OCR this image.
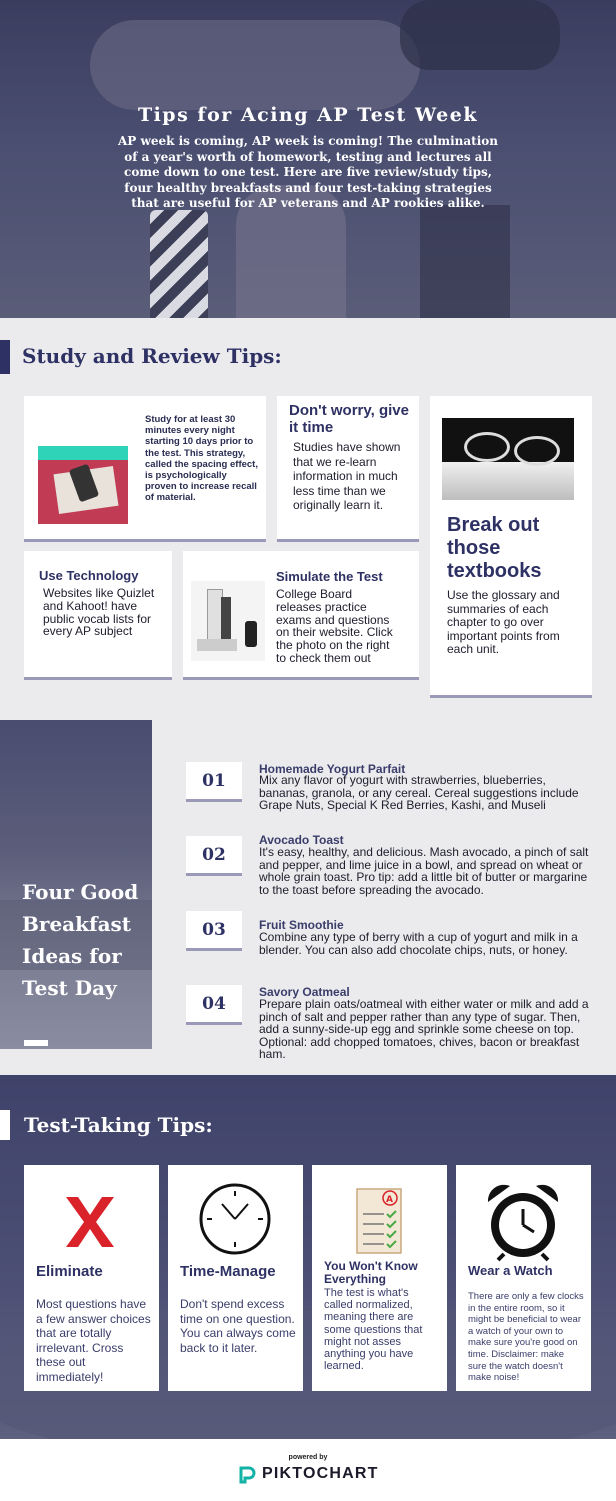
Tips for Acing AP Test Week

AP week is coming, AP week is coming! The culmination of a year's worth of homework, testing and lectures all come down to one test. Here are five review/study tips, four healthy breakfasts and four test-taking strategies that are useful for AP veterans and AP rookies alike.

Study and Review Tips:
Study for at least 30 minutes every night starting 10 days prior to the test. This strategy, called the spacing effect, is psychologically proven to increase recall of material.
Don't worry, give it time
Studies have shown that we re-learn information in much less time than we originally learn it.
Break out those textbooks
Use the glossary and summaries of each chapter to go over important points from each unit.
Use Technology
Websites like Quizlet and Kahoot! have public vocab lists for every AP subject
Simulate the Test
College Board releases practice exams and questions on their website. Click the photo on the right to check them out
Four Good Breakfast Ideas for Test Day
01
Homemade Yogurt Parfait
Mix any flavor of yogurt with strawberries, blueberries, bananas, granola, or any cereal. Cereal suggestions include Grape Nuts, Special K Red Berries, Kashi, and Museli
02
Avocado Toast
It's easy, healthy, and delicious. Mash avocado, a pinch of salt and pepper, and lime juice in a bowl, and spread on wheat or whole grain toast. Pro tip: add a little bit of butter or margarine to the toast before spreading the avocado.
03	Fruit Smoothie
Combine any type of berry with a cup of yogurt and milk in a blender. You can also add chocolate chips, nuts, or honey.
04
Savory Oatmeal
Prepare plain oats/oatmeal with either water or milk and add a pinch of salt and pepper rather than any type of sugar. Then, add a sunny-side-up egg and sprinkle some cheese on top. Optional: add chopped tomatoes, chives, bacon or breakfast ham.
Test-Taking Tips:
Eliminate
Most questions have a few answer choices that are totally irrelevant. Cross these out immediately!
Time-Manage
Don't spend excess time on one question. You can always come back to it later.
A
You Won't Know Everything
The test is what's called normalized, meaning there are some questions that might not asses anything you have learned.
Wear a Watch
There are only a few clocks in the entire room, so it might be beneficial to wear a watch of your own to make sure you're good on time. Disclaimer: make sure the watch doesn't make noise!
powered by
PIKTOCHART
